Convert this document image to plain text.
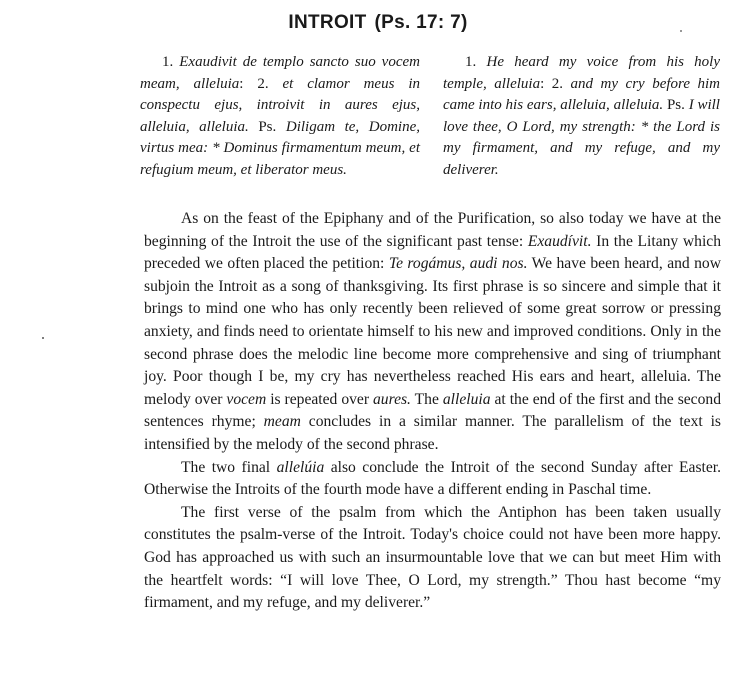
INTROIT (Ps. 17: 7)

1. Exaudivit de templo sancto suo vocem meam, alleluia: 2. et clamor meus in conspectu ejus, introivit in aures ejus, alleluia, alleluia. Ps. Diligam te, Domine, virtus mea: * Dominus firmamentum meum, et refugium meum, et liberator meus.

1. He heard my voice from his holy temple, alleluia: 2. and my cry before him came into his ears, alleluia, alleluia. Ps. I will love thee, O Lord, my strength: * the Lord is my firmament, and my refuge, and my deliverer.

As on the feast of the Epiphany and of the Purification, so also today we have at the beginning of the Introit the use of the significant past tense: Exaudívit. In the Litany which preceded we often placed the petition: Te rogámus, audi nos. We have been heard, and now subjoin the Introit as a song of thanksgiving. Its first phrase is so sincere and simple that it brings to mind one who has only recently been relieved of some great sorrow or pressing anxiety, and finds need to orientate himself to his new and improved conditions. Only in the second phrase does the melodic line become more comprehensive and sing of triumphant joy. Poor though I be, my cry has nevertheless reached His ears and heart, alleluia. The melody over vocem is repeated over aures. The alleluia at the end of the first and the second sentences rhyme; meam concludes in a similar manner. The parallelism of the text is intensified by the melody of the second phrase.

The two final allelúia also conclude the Introit of the second Sunday after Easter. Otherwise the Introits of the fourth mode have a different ending in Paschal time.

The first verse of the psalm from which the Antiphon has been taken usually constitutes the psalm-verse of the Introit. Today's choice could not have been more happy. God has approached us with such an insurmountable love that we can but meet Him with the heartfelt words: “I will love Thee, O Lord, my strength.” Thou hast become “my firmament, and my refuge, and my deliverer.”
